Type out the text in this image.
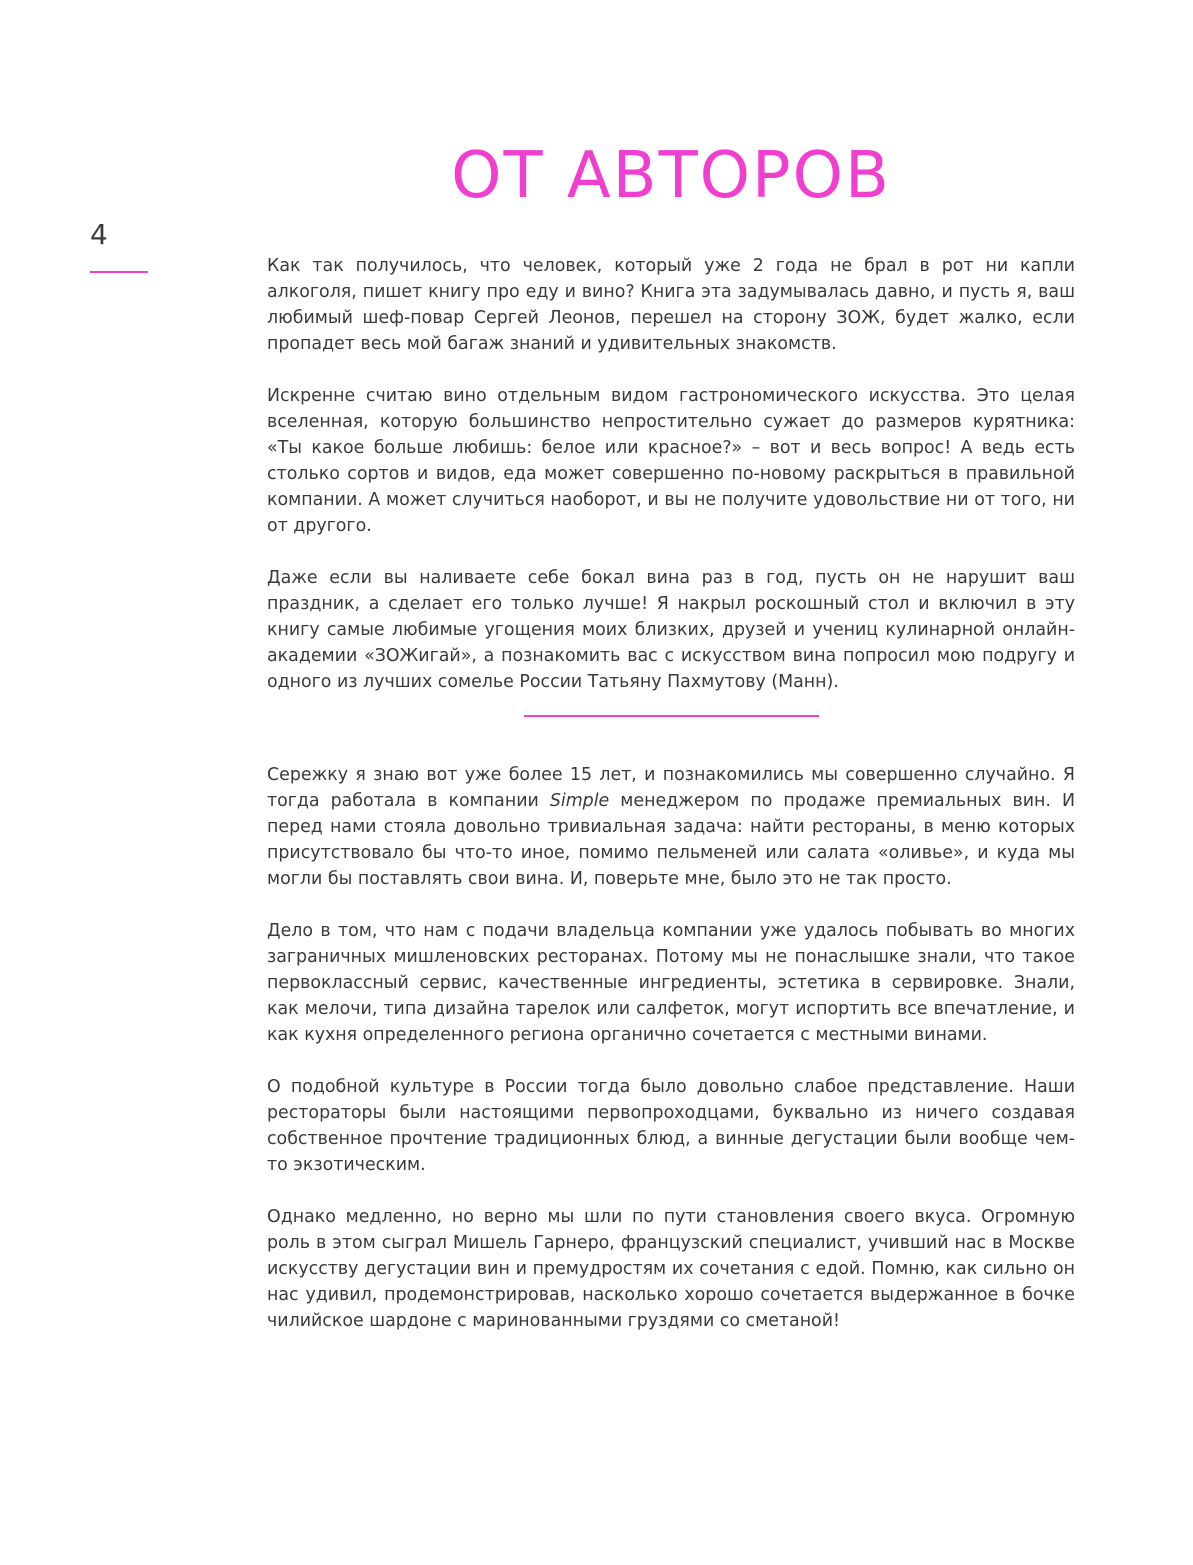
ОТ АВТОРОВ
4

Как так получилось, что человек, который уже 2 года не брал в рот ни капли алкоголя, пишет книгу про еду и вино? Книга эта задумывалась давно, и пусть я, ваш любимый шеф-повар Сергей Леонов, перешел на сторону ЗОЖ, будет жалко, если пропадет весь мой багаж знаний и удивительных знакомств.

Искренне считаю вино отдельным видом гастрономического искусства. Это целая вселенная, которую большинство непростительно сужает до размеров курятника: «Ты какое больше любишь: белое или красное?» – вот и весь вопрос! А ведь есть столько сортов и видов, еда может совершенно по-новому раскрыться в правильной компании. А может случиться наоборот, и вы не получите удовольствие ни от того, ни от другого.

Даже если вы наливаете себе бокал вина раз в год, пусть он не нарушит ваш праздник, а сделает его только лучше! Я накрыл роскошный стол и включил в эту книгу самые любимые угощения моих близких, друзей и учениц кулинарной онлайн-академии «ЗОЖигай», а познакомить вас с искусством вина попросил мою подругу и одного из лучших сомелье России Татьяну Пахмутову (Манн).

Сережку я знаю вот уже более 15 лет, и познакомились мы совершенно случайно. Я тогда работала в компании Simple менеджером по продаже премиальных вин. И перед нами стояла довольно тривиальная задача: найти рестораны, в меню которых присутствовало бы что-то иное, помимо пельменей или салата «оливье», и куда мы могли бы поставлять свои вина. И, поверьте мне, было это не так просто.

Дело в том, что нам с подачи владельца компании уже удалось побывать во многих заграничных мишленовских ресторанах. Потому мы не понаслышке знали, что такое первоклассный сервис, качественные ингредиенты, эстетика в сервировке. Знали, как мелочи, типа дизайна тарелок или салфеток, могут испортить все впечатление, и как кухня определенного региона органично сочетается с местными винами.

О подобной культуре в России тогда было довольно слабое представление. Наши рестораторы были настоящими первопроходцами, буквально из ничего создавая собственное прочтение традиционных блюд, а винные дегустации были вообще чем-то экзотическим.

Однако медленно, но верно мы шли по пути становления своего вкуса. Огромную роль в этом сыграл Мишель Гарнеро, французский специалист, учивший нас в Москве искусству дегустации вин и премудростям их сочетания с едой. Помню, как сильно он нас удивил, продемонстрировав, насколько хорошо сочетается выдержанное в бочке чилийское шардоне с маринованными груздями со сметаной!
